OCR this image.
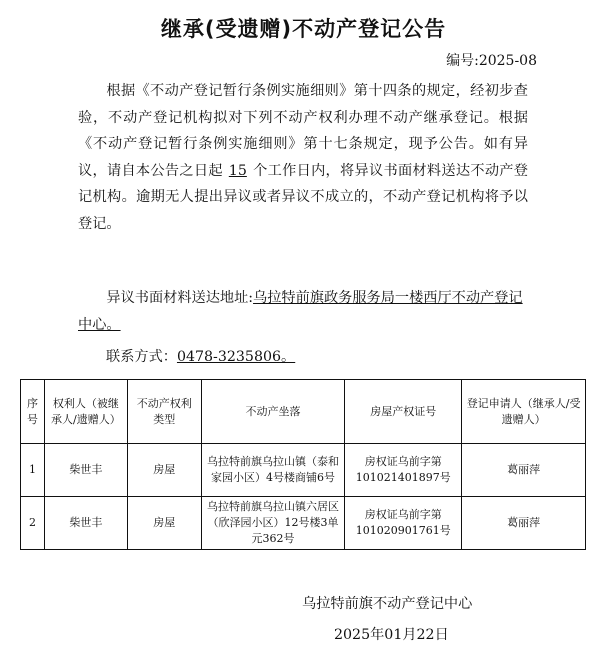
继承(受遗赠)不动产登记公告
编号:2025-08
根据《不动产登记暂行条例实施细则》第十四条的规定，经初步查验，不动产登记机构拟对下列不动产权利办理不动产继承登记。根据《不动产登记暂行条例实施细则》第十七条规定，现予公告。如有异议，请自本公告之日起 15 个工作日内，将异议书面材料送达不动产登记机构。逾期无人提出异议或者异议不成立的，不动产登记机构将予以登记。
异议书面材料送达地址:乌拉特前旗政务服务局一楼西厅不动产登记中心。
联系方式：0478-3235806。
序号	权利人（被继承人/遗赠人）	不动产权利类型	不动产坐落	房屋产权证号	登记申请人（继承人/受遗赠人）
1	柴世丰	房屋	乌拉特前旗乌拉山镇（泰和家园小区）4号楼商铺6号	房权证乌前字第101021401897号	葛丽萍
2	柴世丰	房屋	乌拉特前旗乌拉山镇六居区（欣泽园小区）12号楼3单元362号	房权证乌前字第101020901761号	葛丽萍
乌拉特前旗不动产登记中心
2025年01月22日
